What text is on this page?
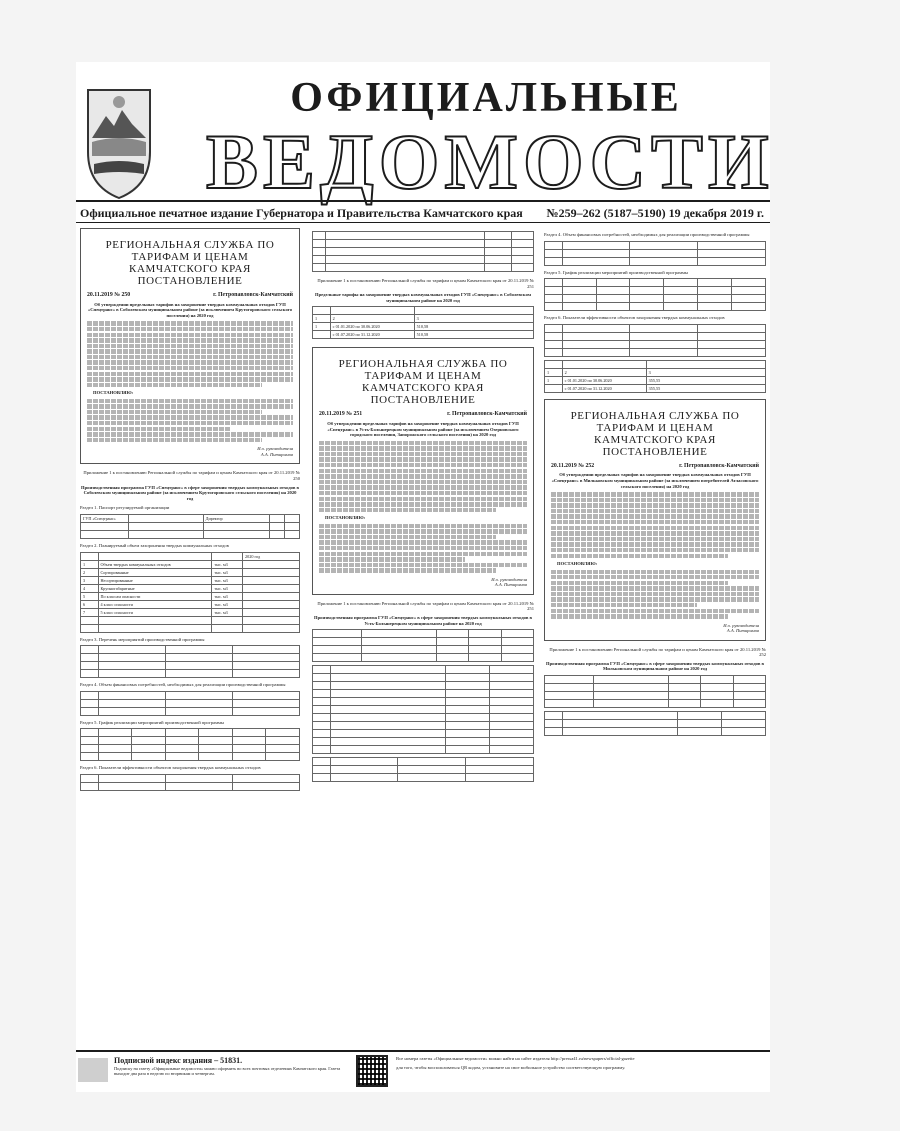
ОФИЦИАЛЬНЫЕ
ВЕДОМОСТИ
Официальное печатное издание Губернатора и Правительства Камчатского края №259–262 (5187–5190) 19 декабря 2019 г.
РЕГИОНАЛЬНАЯ СЛУЖБА ПО ТАРИФАМ И ЦЕНАМ КАМЧАТСКОГО КРАЯ ПОСТАНОВЛЕНИЕ
20.11.2019 № 250	г. Петропавловск-Камчатский
Об утверждении предельных тарифов на захоронение твердых коммунальных отходов ГУП «Спецтранс» в Соболевском муниципальном районе (за исключением Крутогоровского сельского поселения) на 2020 год
ПОСТАНОВЛЯЮ:
И.о. руководителя
А.А. Питиримов
Приложение 1 к постановлению Региональной службы по тарифам и ценам Камчатского края от 20.11.2019 № 250
Производственная программа ГУП «Спецтранс» в сфере захоронения твердых коммунальных отходов в Соболевском муниципальном районе (за исключением Крутогоровского сельского поселения) на 2020 год
Раздел 1. Паспорт регулируемой организации
ГУП «Спецтранс»		Директор		

Раздел 2. Планируемый объем захоронения твердых коммунальных отходов
			2020 год
1	Объем твердых коммунальных отходов	тыс. м3	
2	Сортированные	тыс. м3	
3	Несортированные	тыс. м3	
4	Крупногабаритные	тыс. м3	
5	По классам опасности	тыс. м3	
6	4 класс опасности	тыс. м3	
7	5 класс опасности	тыс. м3	

Раздел 3. Перечень мероприятий производственной программы

Раздел 4. Объем финансовых потребностей, необходимых для реализации производственной программы

Раздел 5. График реализации мероприятий производственной программы

Раздел 6. Показатели эффективности объектов захоронения твердых коммунальных отходов

Приложение 1 к постановлению Региональной службы по тарифам и ценам Камчатского края от 20.11.2019 № 251
Предельные тарифы на захоронение твердых коммунальных отходов ГУП «Спецтранс» в Соболевском муниципальном районе на 2020 год

1	2	3
1	с 01.01.2020 по 30.06.2020	510,58
	с 01.07.2020 по 31.12.2020	510,58
РЕГИОНАЛЬНАЯ СЛУЖБА ПО ТАРИФАМ И ЦЕНАМ КАМЧАТСКОГО КРАЯ ПОСТАНОВЛЕНИЕ
20.11.2019 № 251	г. Петропавловск-Камчатский
Об утверждении предельных тарифов на захоронение твердых коммунальных отходов ГУП «Спецтранс» в Усть-Большерецком муниципальном районе (за исключением Озерновского городского поселения, Запорожского сельского поселения) на 2020 год
ПОСТАНОВЛЯЮ:
И.о. руководителя
А.А. Питиримов
Приложение 1 к постановлению Региональной службы по тарифам и ценам Камчатского края от 20.11.2019 № 251
Производственная программа ГУП «Спецтранс» в сфере захоронения твердых коммунальных отходов в Усть-Большерецком муниципальном районе на 2020 год

Раздел 4. Объем финансовых потребностей, необходимых для реализации производственной программы

Раздел 5. График реализации мероприятий производственной программы

Раздел 6. Показатели эффективности объектов захоронения твердых коммунальных отходов

1	2	3
1	с 01.01.2020 по 30.06.2020	355,55
	с 01.07.2020 по 31.12.2020	355,55
РЕГИОНАЛЬНАЯ СЛУЖБА ПО ТАРИФАМ И ЦЕНАМ КАМЧАТСКОГО КРАЯ ПОСТАНОВЛЕНИЕ
20.11.2019 № 252	г. Петропавловск-Камчатский
Об утверждении предельных тарифов на захоронение твердых коммунальных отходов ГУП «Спецтранс» в Мильковском муниципальном районе (за исключением потребителей Атласовского сельского поселения) на 2020 год
ПОСТАНОВЛЯЮ:
И.о. руководителя
А.А. Питиримов
Приложение 1 к постановлению Региональной службы по тарифам и ценам Камчатского края от 20.11.2019 № 252
Производственная программа ГУП «Спецтранс» в сфере захоронения твердых коммунальных отходов в Мильковском муниципальном районе на 2020 год

Подписной индекс издания – 51831.
Подписку на газету «Официальные ведомости» можно оформить во всех почтовых отделениях Камчатского края. Газета выходит два раза в неделю по вторникам и четвергам.
Все номера газеты «Официальные ведомости» можно найти на сайте издателя http://pressa41.ru/newspapers/official-gazette
для того, чтобы воспользоваться QR кодом, установите на свое мобильное устройство соответствующую программу.
